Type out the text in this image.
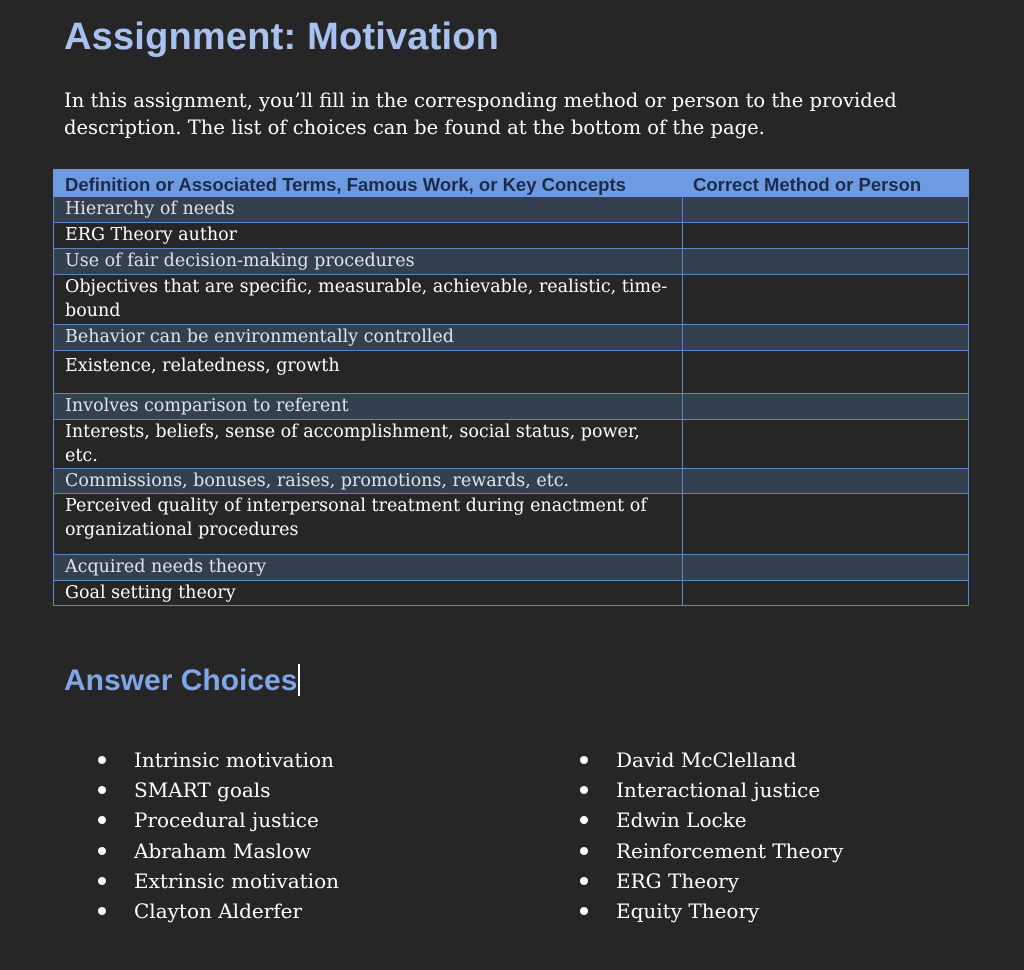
Assignment: Motivation
In this assignment, you’ll fill in the corresponding method or person to the provided description. The list of choices can be found at the bottom of the page.
Definition or Associated Terms, Famous Work, or Key Concepts	Correct Method or Person
Hierarchy of needs	
ERG Theory author	
Use of fair decision-making procedures	
Objectives that are specific, measurable, achievable, realistic, time-bound	
Behavior can be environmentally controlled	
Existence, relatedness, growth	
Involves comparison to referent	
Interests, beliefs, sense of accomplishment, social status, power, etc.	
Commissions, bonuses, raises, promotions, rewards, etc.	
Perceived quality of interpersonal treatment during enactment of organizational procedures	
Acquired needs theory	
Goal setting theory	
Answer Choices
Intrinsic motivation
SMART goals
Procedural justice
Abraham Maslow
Extrinsic motivation
Clayton Alderfer
David McClelland
Interactional justice
Edwin Locke
Reinforcement Theory
ERG Theory
Equity Theory
